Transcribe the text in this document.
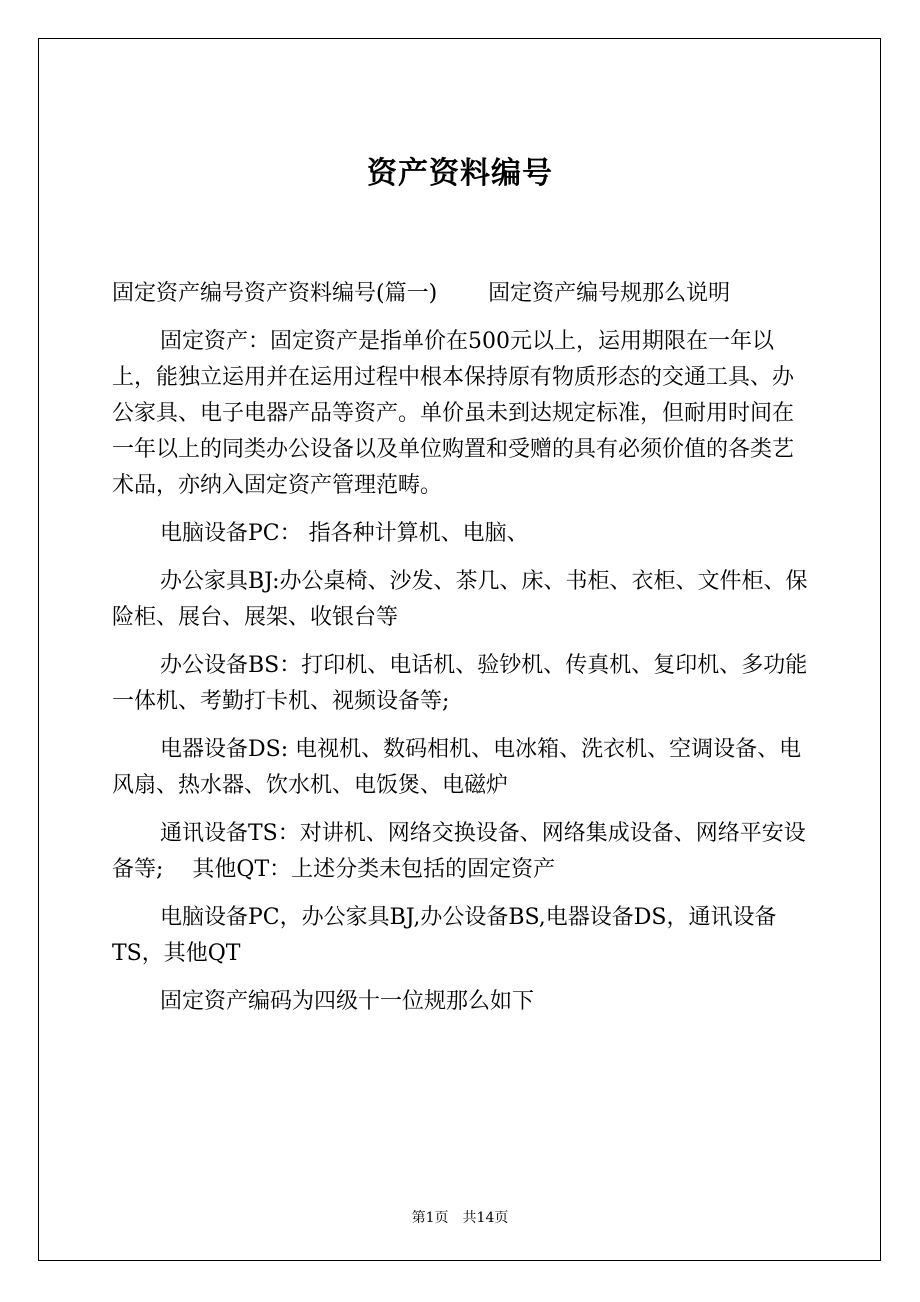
资产资料编号

固定资产编号资产资料编号(篇一)　　 固定资产编号规那么说明

固定资产：固定资产是指单价在500元以上，运用期限在一年以上，能独立运用并在运用过程中根本保持原有物质形态的交通工具、办公家具、电子电器产品等资产。单价虽未到达规定标准，但耐用时间在一年以上的同类办公设备以及单位购置和受赠的具有必须价值的各类艺术品，亦纳入固定资产管理范畴。

电脑设备PC： 指各种计算机、电脑、

办公家具BJ:办公桌椅、沙发、茶几、床、书柜、衣柜、文件柜、保险柜、展台、展架、收银台等

办公设备BS：打印机、电话机、验钞机、传真机、复印机、多功能一体机、考勤打卡机、视频设备等;

电器设备DS: 电视机、数码相机、电冰箱、洗衣机、空调设备、电风扇、热水器、饮水机、电饭煲、电磁炉

通讯设备TS：对讲机、网络交换设备、网络集成设备、网络平安设备等;　 其他QT：上述分类未包括的固定资产

电脑设备PC，办公家具BJ,办公设备BS,电器设备DS，通讯设备TS，其他QT

固定资产编码为四级十一位规那么如下

第1页　共14页
